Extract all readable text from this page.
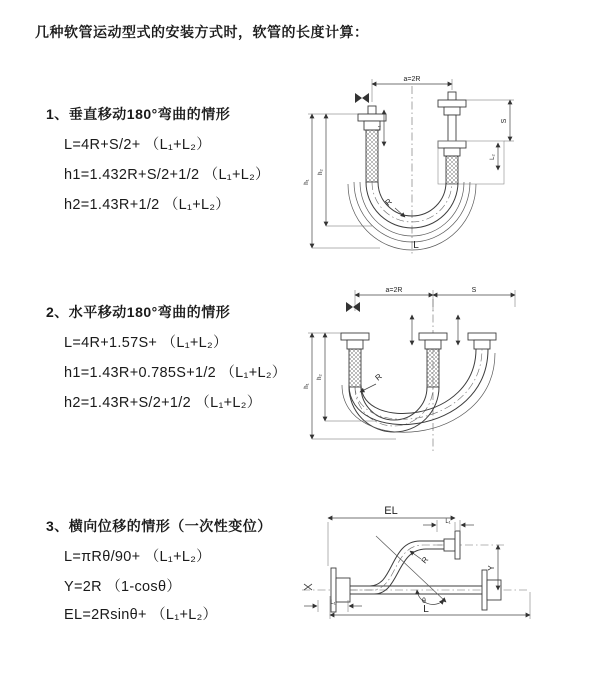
几种软管运动型式的安装方式时，软管的长度计算：
1、垂直移动180°弯曲的情形
L=4R+S/2+ （L₁+L₂）
h1=1.432R+S/2+1/2 （L₁+L₂）
h2=1.43R+1/2 （L₁+L₂）
2、水平移动180°弯曲的情形
L=4R+1.57S+ （L₁+L₂）
h1=1.43R+0.785S+1/2 （L₁+L₂）
h2=1.43R+S/2+1/2 （L₁+L₂）
3、横向位移的情形（一次性变位）
L=πRθ/90+ （L₁+L₂）
Y=2R （1-cosθ）
EL=2Rsinθ+ （L₁+L₂）
a=2R
R
L
L₁
S
L₂
h₁
h₂
a=2R	S
R
h₁
h₂
θ
R
EL
L₁
Y
L
L₁
